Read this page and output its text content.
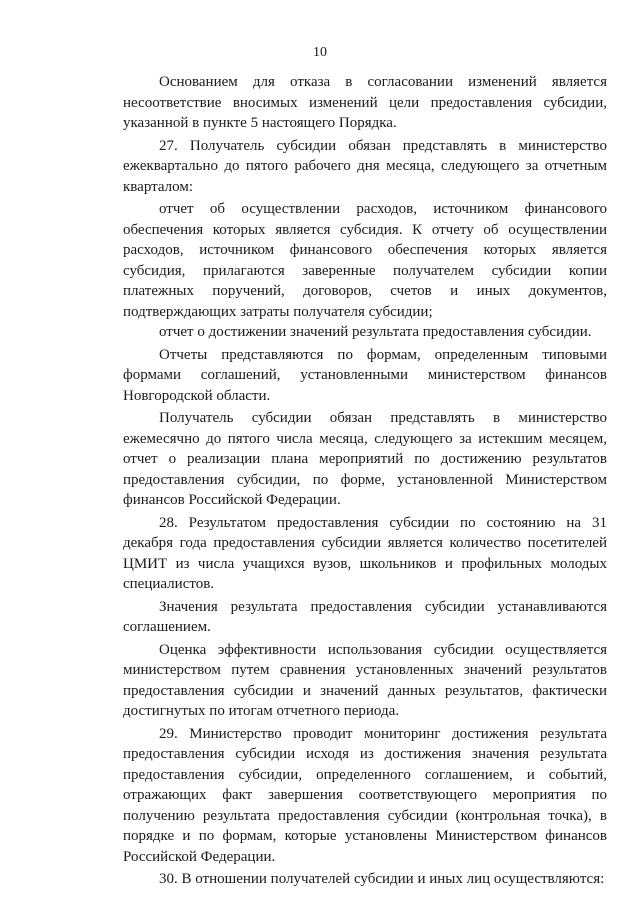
10

Основанием для отказа в согласовании изменений является несоответствие вносимых изменений цели предоставления субсидии, указанной в пункте 5 настоящего Порядка.

27. Получатель субсидии обязан представлять в министерство ежеквартально до пятого рабочего дня месяца, следующего за отчетным кварталом:

отчет об осуществлении расходов, источником финансового обеспечения которых является субсидия. К отчету об осуществлении расходов, источником финансового обеспечения которых является субсидия, прилагаются заверенные получателем субсидии копии платежных поручений, договоров, счетов и иных документов, подтверждающих затраты получателя субсидии;

отчет о достижении значений результата предоставления субсидии.

Отчеты представляются по формам, определенным типовыми формами соглашений, установленными министерством финансов Новгородской области.

Получатель субсидии обязан представлять в министерство ежемесячно до пятого числа месяца, следующего за истекшим месяцем, отчет о реализации плана мероприятий по достижению результатов предоставления субсидии, по форме, установленной Министерством финансов Российской Федерации.

28. Результатом предоставления субсидии по состоянию на 31 декабря года предоставления субсидии является количество посетителей ЦМИТ из числа учащихся вузов, школьников и профильных молодых специалистов.

Значения результата предоставления субсидии устанавливаются соглашением.

Оценка эффективности использования субсидии осуществляется министерством путем сравнения установленных значений результатов предоставления субсидии и значений данных результатов, фактически достигнутых по итогам отчетного периода.

29. Министерство проводит мониторинг достижения результата предоставления субсидии исходя из достижения значения результата предоставления субсидии, определенного соглашением, и событий, отражающих факт завершения соответствующего мероприятия по получению результата предоставления субсидии (контрольная точка), в порядке и по формам, которые установлены Министерством финансов Российской Федерации.

30. В отношении получателей субсидии и иных лиц осуществляются:
